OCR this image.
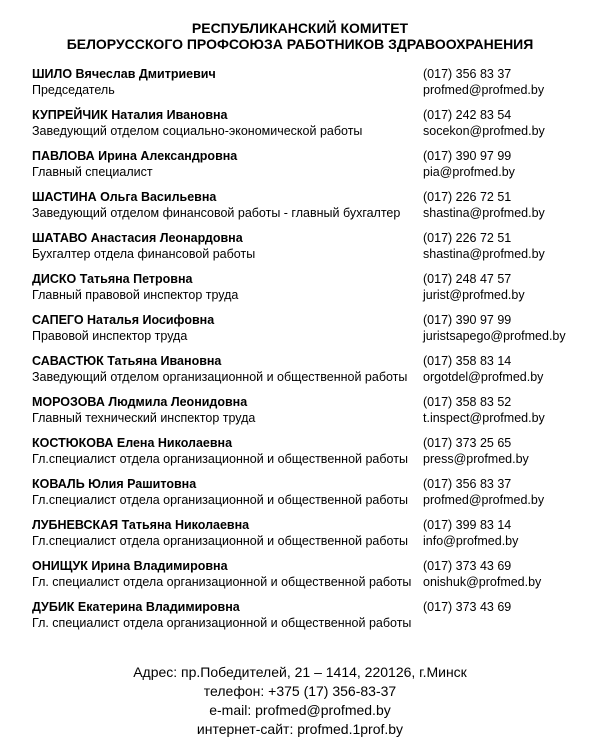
РЕСПУБЛИКАНСКИЙ КОМИТЕТ
БЕЛОРУССКОГО ПРОФСОЮЗА РАБОТНИКОВ ЗДРАВООХРАНЕНИЯ
ШИЛО Вячеслав Дмитриевич
Председатель
(017) 356 83 37
profmed@profmed.by
КУПРЕЙЧИК Наталия Ивановна
Заведующий отделом социально-экономической работы
(017) 242 83 54
socekon@profmed.by
ПАВЛОВА Ирина Александровна
Главный специалист
(017) 390 97 99
pia@profmed.by
ШАСТИНА Ольга Васильевна
Заведующий отделом финансовой работы - главный бухгалтер
(017) 226 72 51
shastina@profmed.by
ШАТАВО Анастасия Леонардовна
Бухгалтер отдела финансовой работы
(017) 226 72 51
shastina@profmed.by
ДИСКО Татьяна Петровна
Главный правовой инспектор труда
(017) 248 47 57
jurist@profmed.by
САПЕГО Наталья Иосифовна
Правовой инспектор труда
(017) 390 97 99
juristsapego@profmed.by
САВАСТЮК Татьяна Ивановна
Заведующий отделом организационной и общественной работы
(017) 358 83 14
orgotdel@profmed.by
МОРОЗОВА Людмила Леонидовна
Главный технический инспектор труда
(017) 358 83 52
t.inspect@profmed.by
КОСТЮКОВА Елена Николаевна
Гл.специалист отдела организационной и общественной работы
(017) 373 25 65
press@profmed.by
КОВАЛЬ Юлия Рашитовна
Гл.специалист отдела организационной и общественной работы
(017) 356 83 37
profmed@profmed.by
ЛУБНЕВСКАЯ Татьяна Николаевна
Гл.специалист отдела организационной и общественной работы
(017) 399 83 14
info@profmed.by
ОНИЩУК Ирина Владимировна
Гл. специалист отдела организационной и общественной работы
(017) 373 43 69
onishuk@profmed.by
ДУБИК Екатерина Владимировна
Гл. специалист отдела организационной и общественной работы
(017) 373 43 69
Адрес: пр.Победителей, 21 – 1414, 220126, г.Минск
телефон: +375 (17) 356-83-37
e-mail: profmed@profmed.by
интернет-сайт: profmed.1prof.by
